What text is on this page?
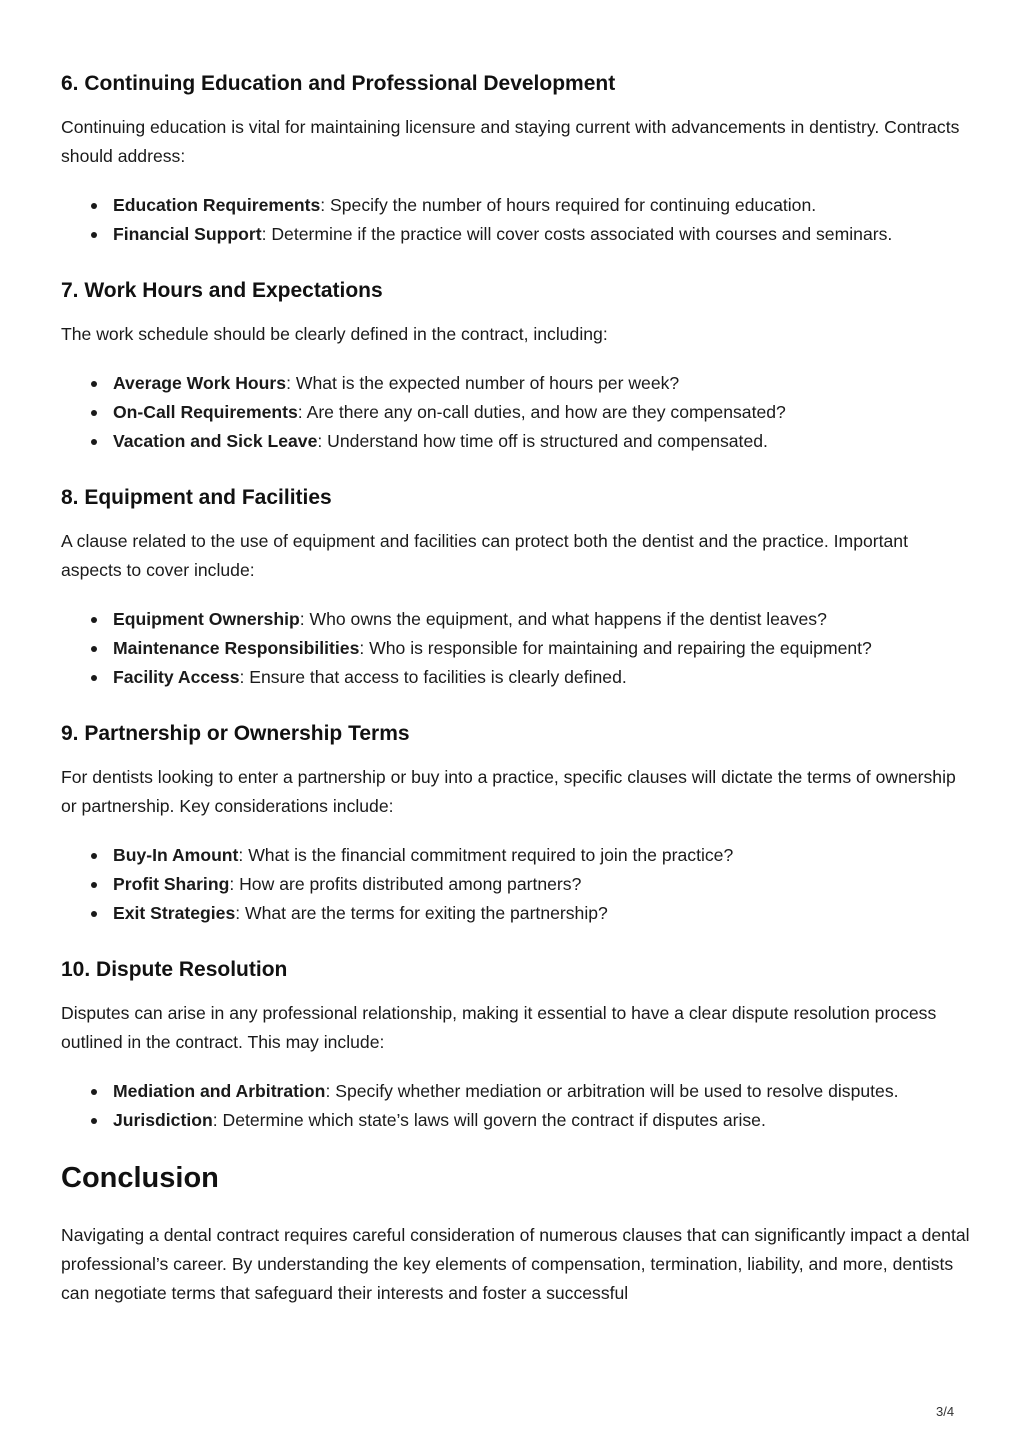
6. Continuing Education and Professional Development

Continuing education is vital for maintaining licensure and staying current with advancements in dentistry. Contracts should address:

Education Requirements: Specify the number of hours required for continuing education.
Financial Support: Determine if the practice will cover costs associated with courses and seminars.
7. Work Hours and Expectations

The work schedule should be clearly defined in the contract, including:

Average Work Hours: What is the expected number of hours per week?
On-Call Requirements: Are there any on-call duties, and how are they compensated?
Vacation and Sick Leave: Understand how time off is structured and compensated.
8. Equipment and Facilities

A clause related to the use of equipment and facilities can protect both the dentist and the practice. Important aspects to cover include:

Equipment Ownership: Who owns the equipment, and what happens if the dentist leaves?
Maintenance Responsibilities: Who is responsible for maintaining and repairing the equipment?
Facility Access: Ensure that access to facilities is clearly defined.
9. Partnership or Ownership Terms

For dentists looking to enter a partnership or buy into a practice, specific clauses will dictate the terms of ownership or partnership. Key considerations include:

Buy-In Amount: What is the financial commitment required to join the practice?
Profit Sharing: How are profits distributed among partners?
Exit Strategies: What are the terms for exiting the partnership?
10. Dispute Resolution

Disputes can arise in any professional relationship, making it essential to have a clear dispute resolution process outlined in the contract. This may include:

Mediation and Arbitration: Specify whether mediation or arbitration will be used to resolve disputes.
Jurisdiction: Determine which state’s laws will govern the contract if disputes arise.
Conclusion

Navigating a dental contract requires careful consideration of numerous clauses that can significantly impact a dental professional’s career. By understanding the key elements of compensation, termination, liability, and more, dentists can negotiate terms that safeguard their interests and foster a successful

3/4
